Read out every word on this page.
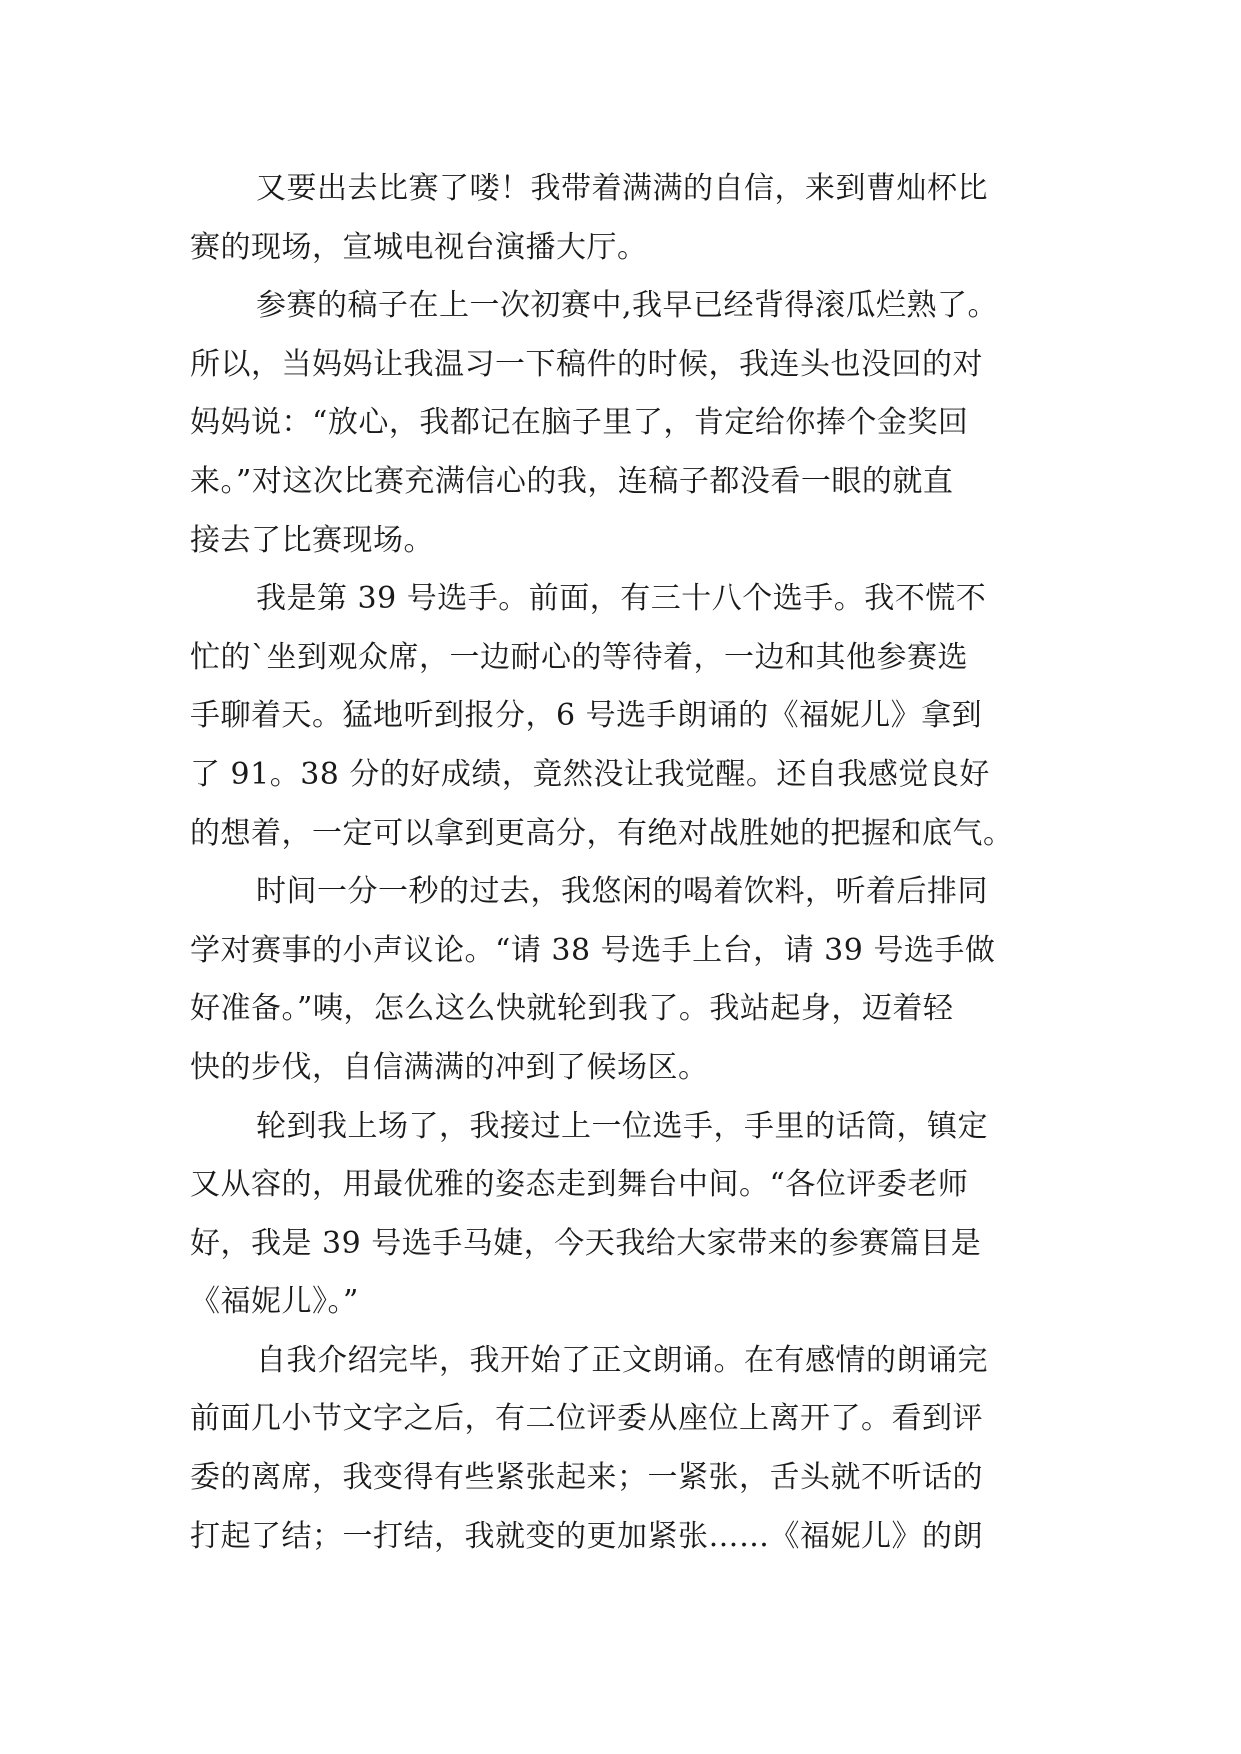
又要出去比赛了喽！我带着满满的自信，来到曹灿杯比
赛的现场，宣城电视台演播大厅。
参赛的稿子在上一次初赛中,我早已经背得滚瓜烂熟了。
所以，当妈妈让我温习一下稿件的时候，我连头也没回的对
妈妈说：“放心，我都记在脑子里了，肯定给你捧个金奖回
来。”对这次比赛充满信心的我，连稿子都没看一眼的就直
接去了比赛现场。
我是第 39 号选手。前面，有三十八个选手。我不慌不
忙的`坐到观众席，一边耐心的等待着，一边和其他参赛选
手聊着天。猛地听到报分，6 号选手朗诵的《福妮儿》拿到
了 91。38 分的好成绩，竟然没让我觉醒。还自我感觉良好
的想着，一定可以拿到更高分，有绝对战胜她的把握和底气。
时间一分一秒的过去，我悠闲的喝着饮料，听着后排同
学对赛事的小声议论。“请 38 号选手上台，请 39 号选手做
好准备。”咦，怎么这么快就轮到我了。我站起身，迈着轻
快的步伐，自信满满的冲到了候场区。
轮到我上场了，我接过上一位选手，手里的话筒，镇定
又从容的，用最优雅的姿态走到舞台中间。“各位评委老师
好，我是 39 号选手马婕，今天我给大家带来的参赛篇目是
《福妮儿》。”
自我介绍完毕，我开始了正文朗诵。在有感情的朗诵完
前面几小节文字之后，有二位评委从座位上离开了。看到评
委的离席，我变得有些紧张起来；一紧张，舌头就不听话的
打起了结；一打结，我就变的更加紧张……《福妮儿》的朗
